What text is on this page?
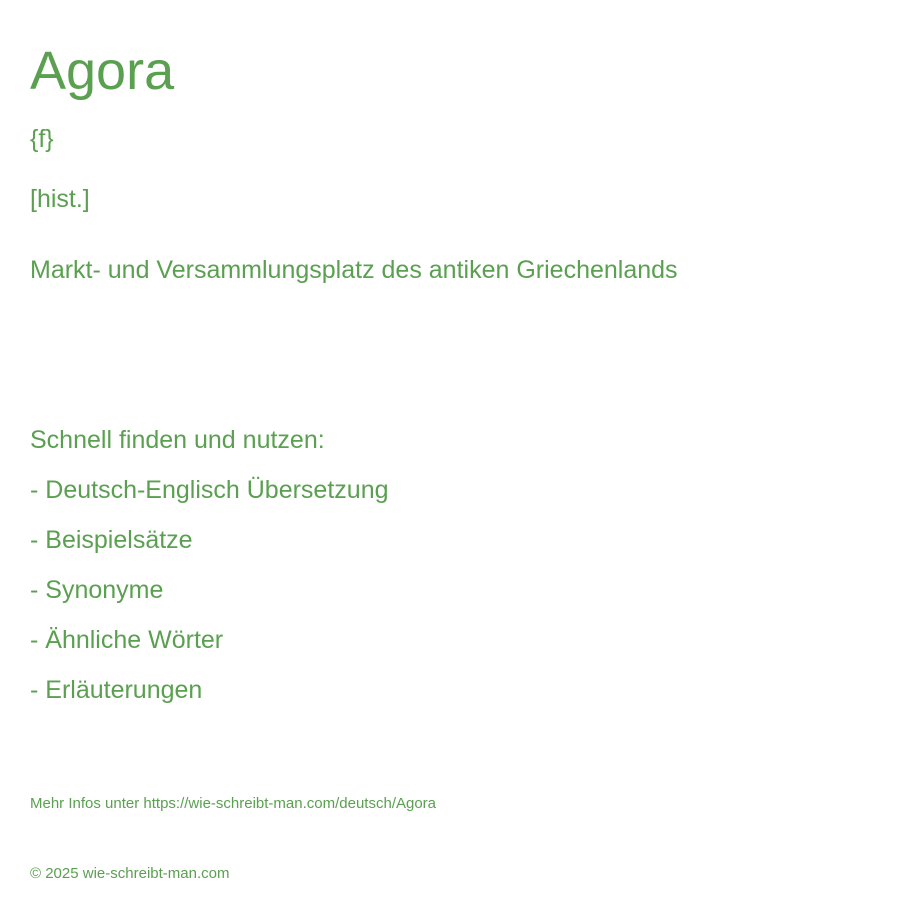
Agora
{f}
[hist.]
Markt- und Versammlungsplatz des antiken Griechenlands
Schnell finden und nutzen:
- Deutsch-Englisch Übersetzung
- Beispielsätze
- Synonyme
- Ähnliche Wörter
- Erläuterungen
Mehr Infos unter https://wie-schreibt-man.com/deutsch/Agora
© 2025 wie-schreibt-man.com
